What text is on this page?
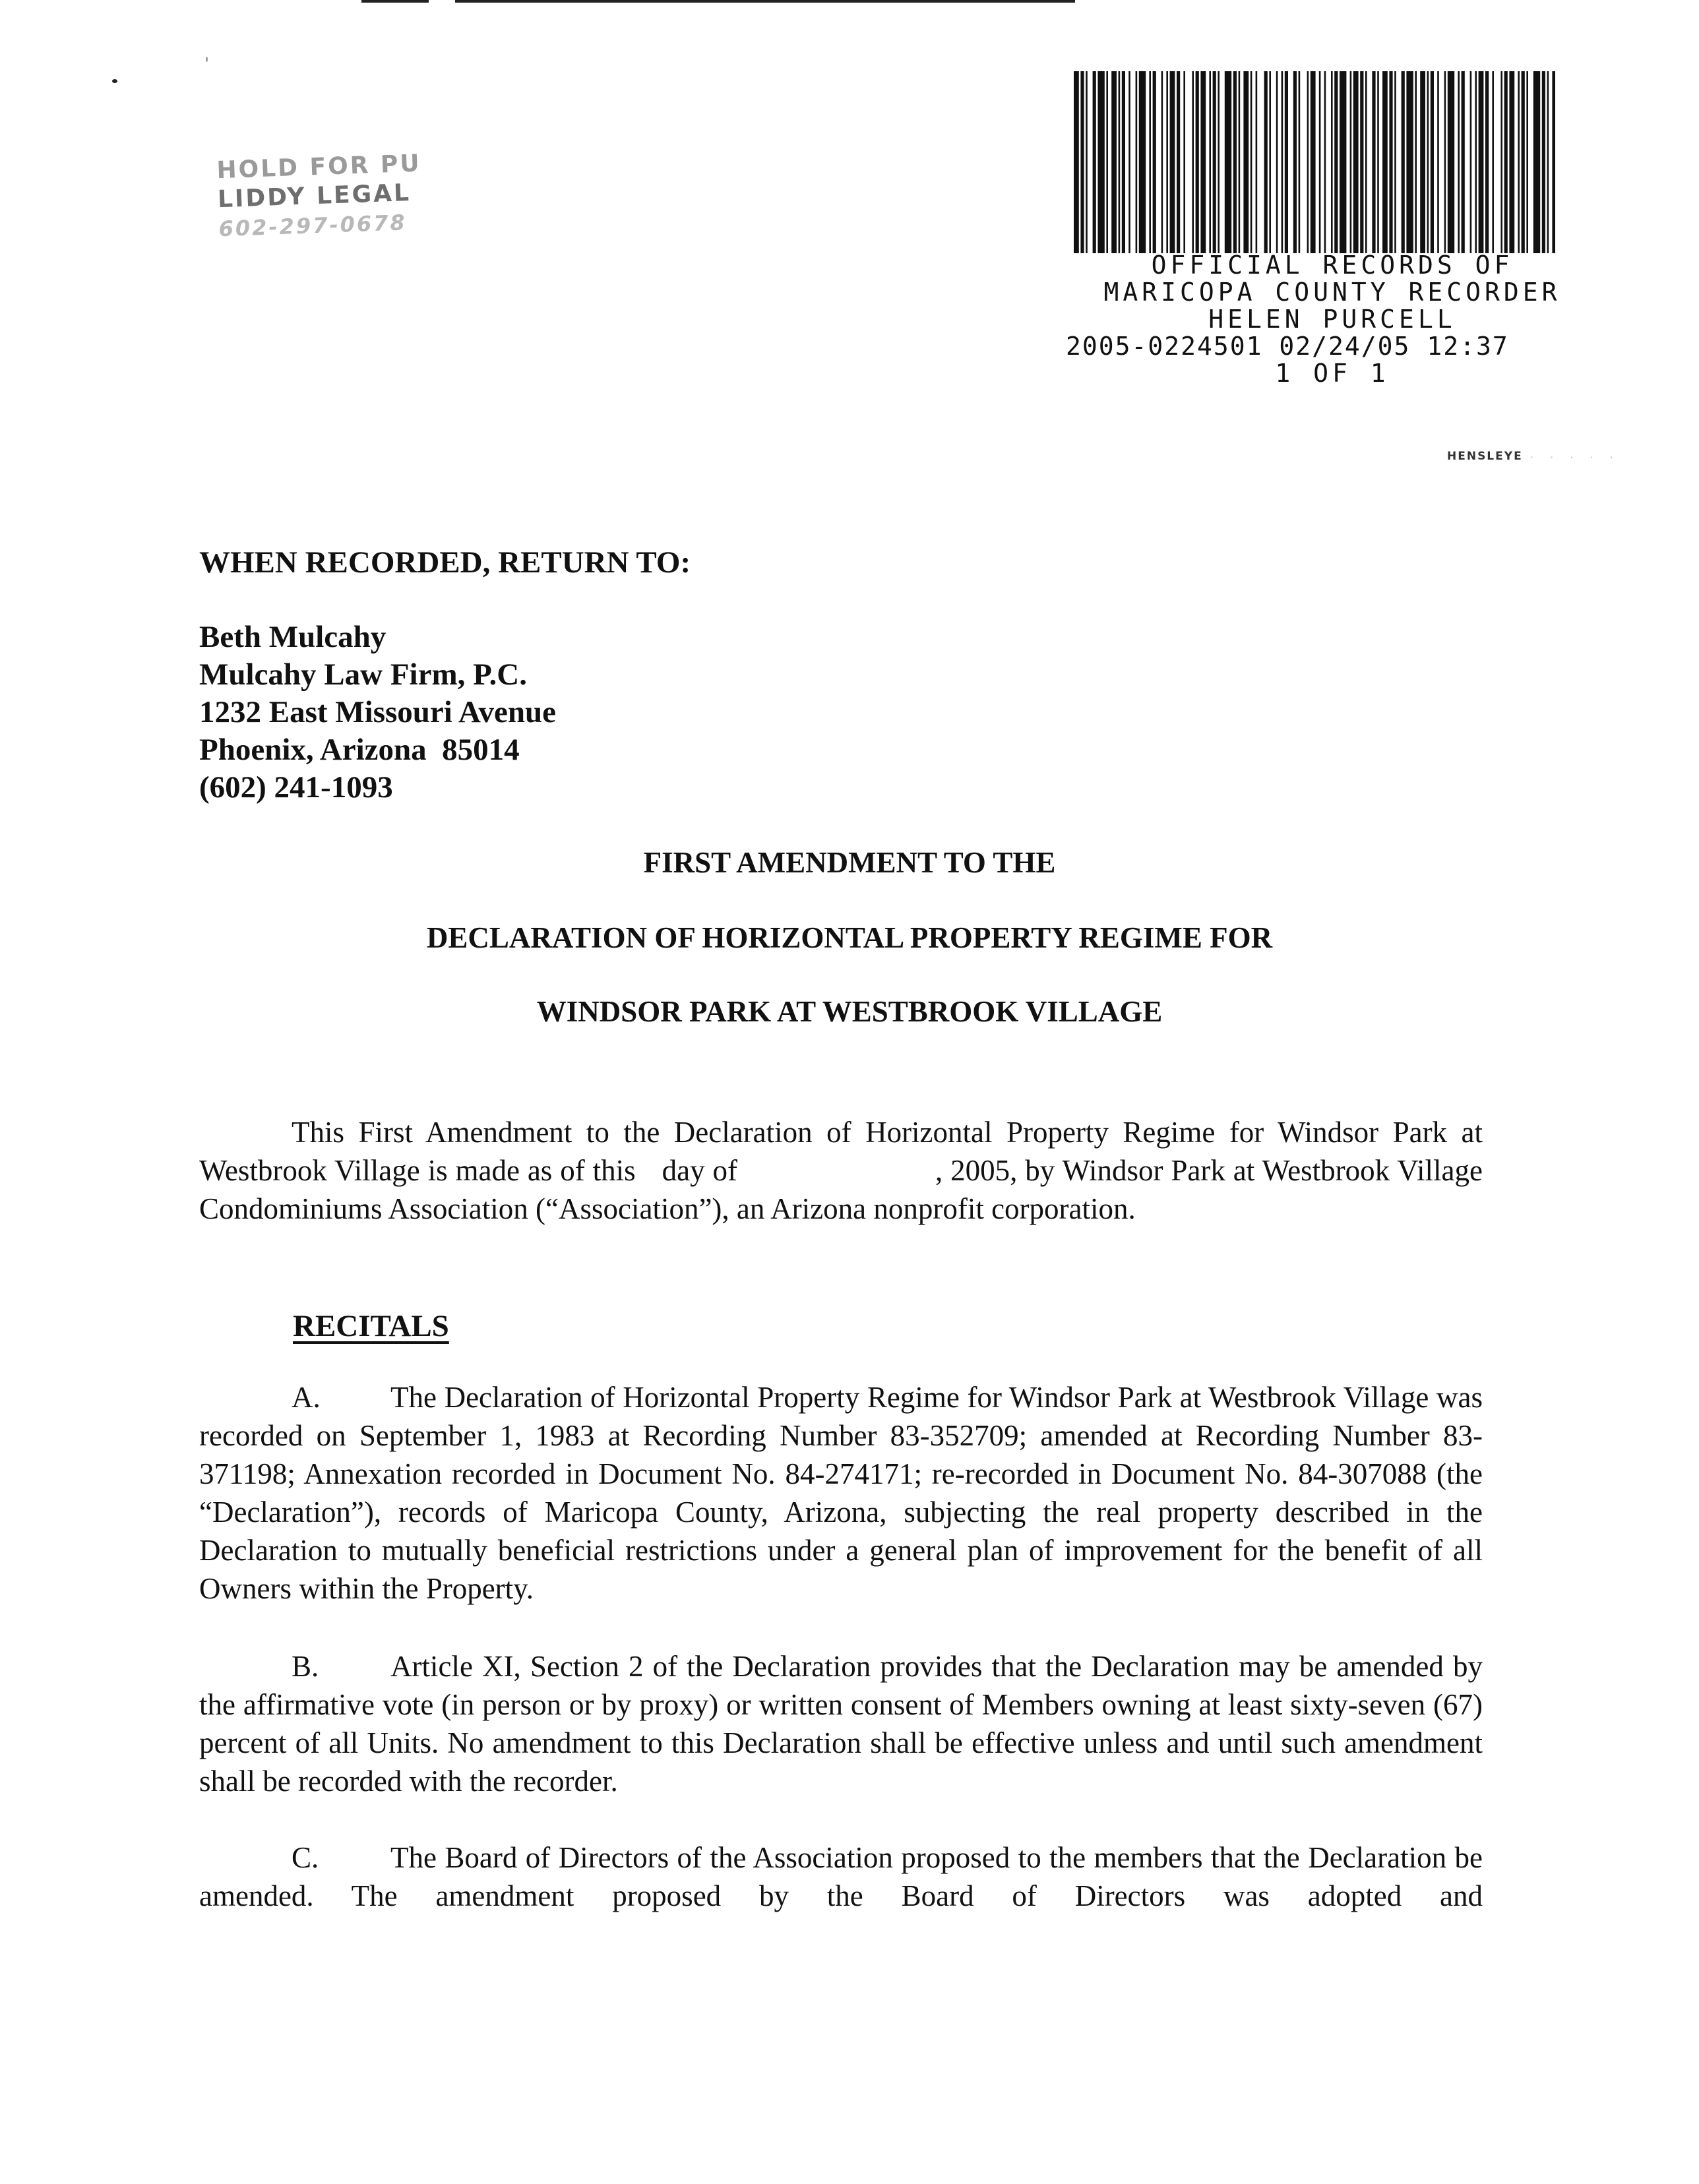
HOLD FOR PU
LIDDY LEGAL
602-297-0678
OFFICIAL RECORDS OF
MARICOPA COUNTY RECORDER
HELEN PURCELL
2005-0224501 02/24/05 12:37
1 OF 1
HENSLEYE · · · · ·
WHEN RECORDED, RETURN TO:
Beth Mulcahy
Mulcahy Law Firm, P.C.
1232 East Missouri Avenue
Phoenix, Arizona  85014
(602) 241-1093
FIRST AMENDMENT TO THE
DECLARATION OF HORIZONTAL PROPERTY REGIME FOR
WINDSOR PARK AT WESTBROOK VILLAGE
This First Amendment to the Declaration of Horizontal Property Regime for Windsor Park at Westbrook Village is made as of this day of	, 2005, by Windsor Park at Westbrook Village Condominiums Association (“Association”), an Arizona nonprofit corporation.
RECITALS
A. The Declaration of Horizontal Property Regime for Windsor Park at Westbrook Village was recorded on September 1, 1983 at Recording Number 83-352709; amended at Recording Number 83-371198; Annexation recorded in Document No. 84-274171; re-recorded in Document No. 84-307088 (the “Declaration”), records of Maricopa County, Arizona, subjecting the real property described in the Declaration to mutually beneficial restrictions under a general plan of improvement for the benefit of all Owners within the Property.
B. Article XI, Section 2 of the Declaration provides that the Declaration may be amended by the affirmative vote (in person or by proxy) or written consent of Members owning at least sixty-seven (67) percent of all Units. No amendment to this Declaration shall be effective unless and until such amendment shall be recorded with the recorder.
C. The Board of Directors of the Association proposed to the members that the Declaration be amended. The amendment proposed by the Board of Directors was adopted and
